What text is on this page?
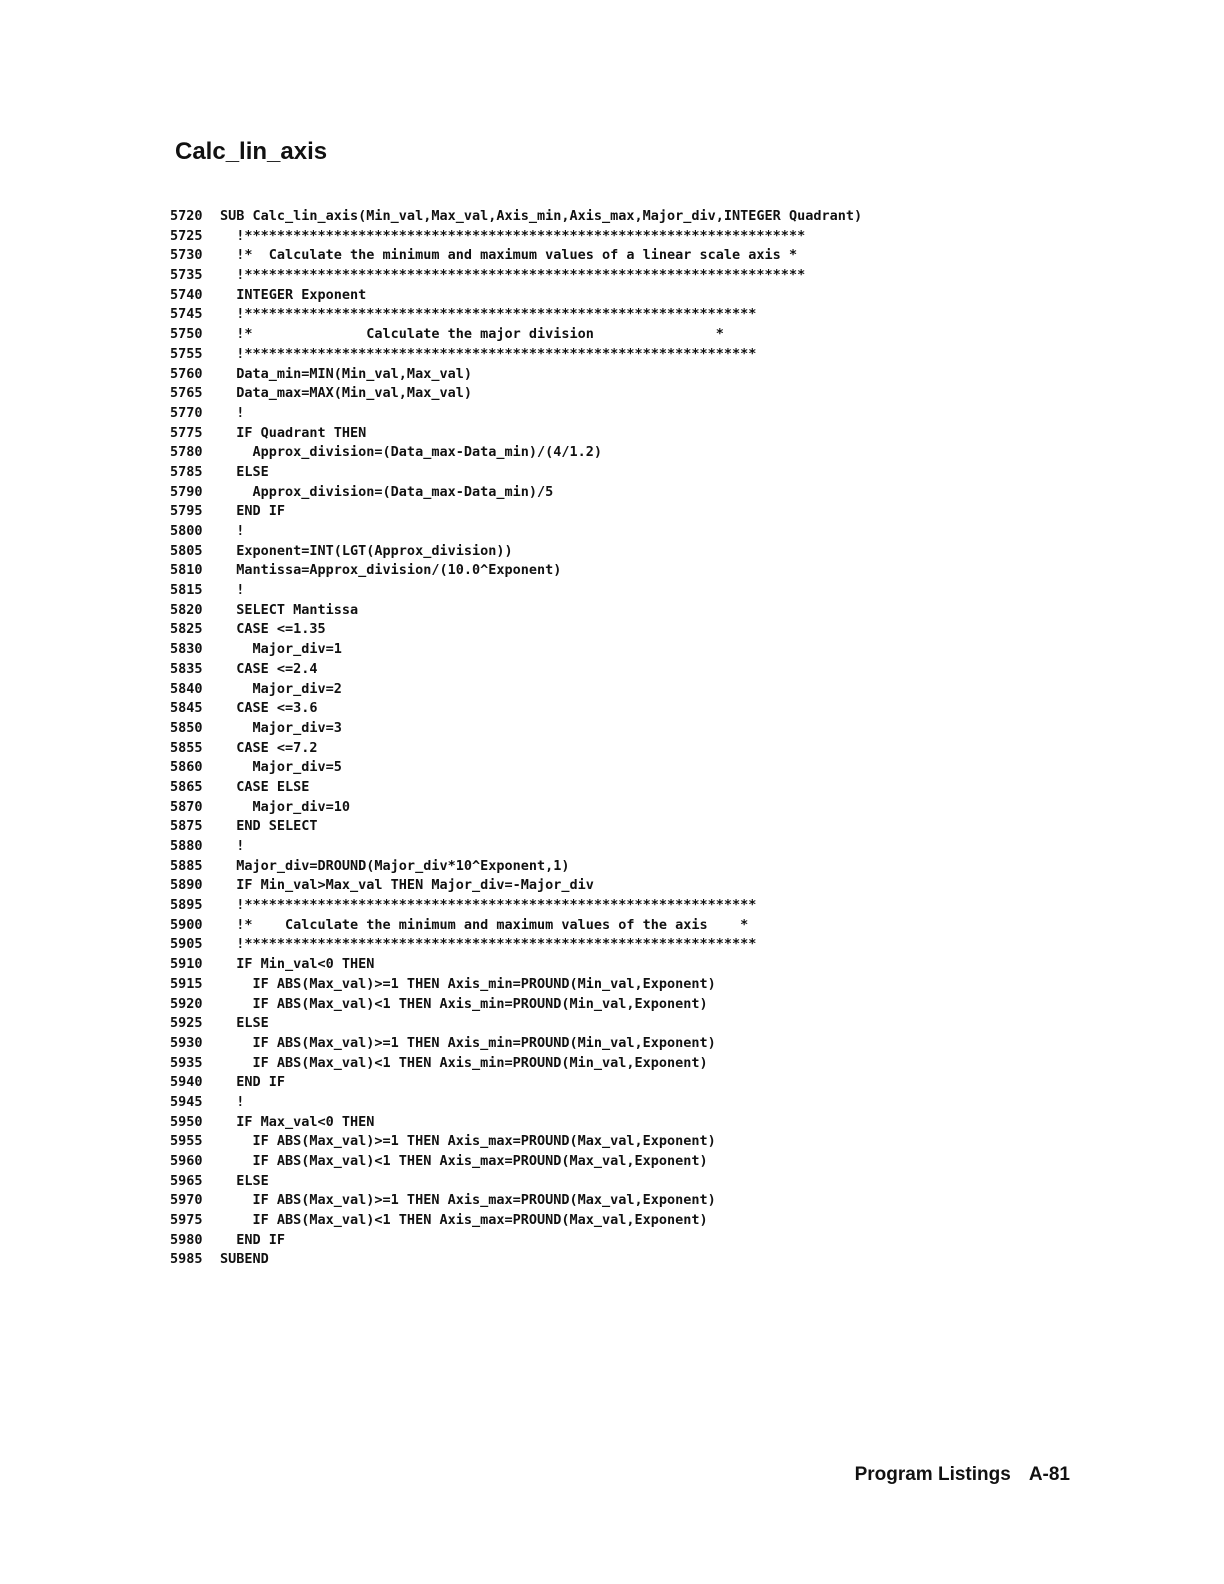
Calc_lin_axis
5720	SUB Calc_lin_axis(Min_val,Max_val,Axis_min,Axis_max,Major_div,INTEGER Quadrant)
5725	!*********************************************************************
5730	!*  Calculate the minimum and maximum values of a linear scale axis *
5735	!*********************************************************************
5740	INTEGER Exponent
5745	!***************************************************************
5750	!*              Calculate the major division               *
5755	!***************************************************************
5760	Data_min=MIN(Min_val,Max_val)
5765	Data_max=MAX(Min_val,Max_val)
5770	!
5775	IF Quadrant THEN
5780	Approx_division=(Data_max-Data_min)/(4/1.2)
5785	ELSE
5790	Approx_division=(Data_max-Data_min)/5
5795	END IF
5800	!
5805	Exponent=INT(LGT(Approx_division))
5810	Mantissa=Approx_division/(10.0^Exponent)
5815	!
5820	SELECT Mantissa
5825	CASE <=1.35
5830	Major_div=1
5835	CASE <=2.4
5840	Major_div=2
5845	CASE <=3.6
5850	Major_div=3
5855	CASE <=7.2
5860	Major_div=5
5865	CASE ELSE
5870	Major_div=10
5875	END SELECT
5880	!
5885	Major_div=DROUND(Major_div*10^Exponent,1)
5890	IF Min_val>Max_val THEN Major_div=-Major_div
5895	!***************************************************************
5900	!*    Calculate the minimum and maximum values of the axis    *
5905	!***************************************************************
5910	IF Min_val<0 THEN
5915	IF ABS(Max_val)>=1 THEN Axis_min=PROUND(Min_val,Exponent)
5920	IF ABS(Max_val)<1 THEN Axis_min=PROUND(Min_val,Exponent)
5925	ELSE
5930	IF ABS(Max_val)>=1 THEN Axis_min=PROUND(Min_val,Exponent)
5935	IF ABS(Max_val)<1 THEN Axis_min=PROUND(Min_val,Exponent)
5940	END IF
5945	!
5950	IF Max_val<0 THEN
5955	IF ABS(Max_val)>=1 THEN Axis_max=PROUND(Max_val,Exponent)
5960	IF ABS(Max_val)<1 THEN Axis_max=PROUND(Max_val,Exponent)
5965	ELSE
5970	IF ABS(Max_val)>=1 THEN Axis_max=PROUND(Max_val,Exponent)
5975	IF ABS(Max_val)<1 THEN Axis_max=PROUND(Max_val,Exponent)
5980	END IF
5985	SUBEND
Program Listings A-81
